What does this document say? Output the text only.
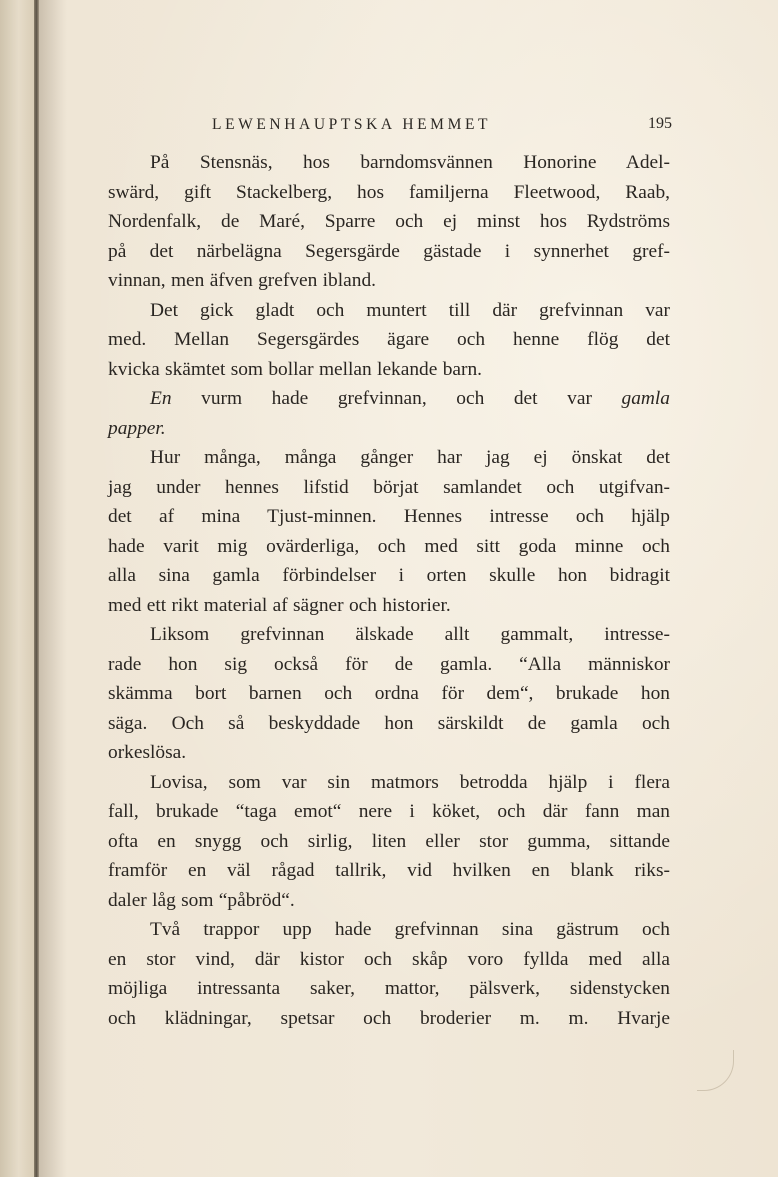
LEWENHAUPTSKA HEMMET	195
På Stensnäs, hos barndomsvännen Honorine Adel-
swärd, gift Stackelberg, hos familjerna Fleetwood, Raab,
Nordenfalk, de Maré, Sparre och ej minst hos Rydströms
på det närbelägna Segersgärde gästade i synnerhet gref-
vinnan, men äfven grefven ibland.
Det gick gladt och muntert till där grefvinnan var
med. Mellan Segersgärdes ägare och henne flög det
kvicka skämtet som bollar mellan lekande barn.
En vurm hade grefvinnan, och det var gamla
papper.
Hur många, många gånger har jag ej önskat det
jag under hennes lifstid börjat samlandet och utgifvan-
det af mina Tjust-minnen. Hennes intresse och hjälp
hade varit mig ovärderliga, och med sitt goda minne och
alla sina gamla förbindelser i orten skulle hon bidragit
med ett rikt material af sägner och historier.
Liksom grefvinnan älskade allt gammalt, intresse-
rade hon sig också för de gamla. “Alla människor
skämma bort barnen och ordna för dem“, brukade hon
säga. Och så beskyddade hon särskildt de gamla och
orkeslösa.
Lovisa, som var sin matmors betrodda hjälp i flera
fall, brukade “taga emot“ nere i köket, och där fann man
ofta en snygg och sirlig, liten eller stor gumma, sittande
framför en väl rågad tallrik, vid hvilken en blank riks-
daler låg som “påbröd“.
Två trappor upp hade grefvinnan sina gästrum och
en stor vind, där kistor och skåp voro fyllda med alla
möjliga intressanta saker, mattor, pälsverk, sidenstycken
och klädningar, spetsar och broderier m. m. Hvarje
